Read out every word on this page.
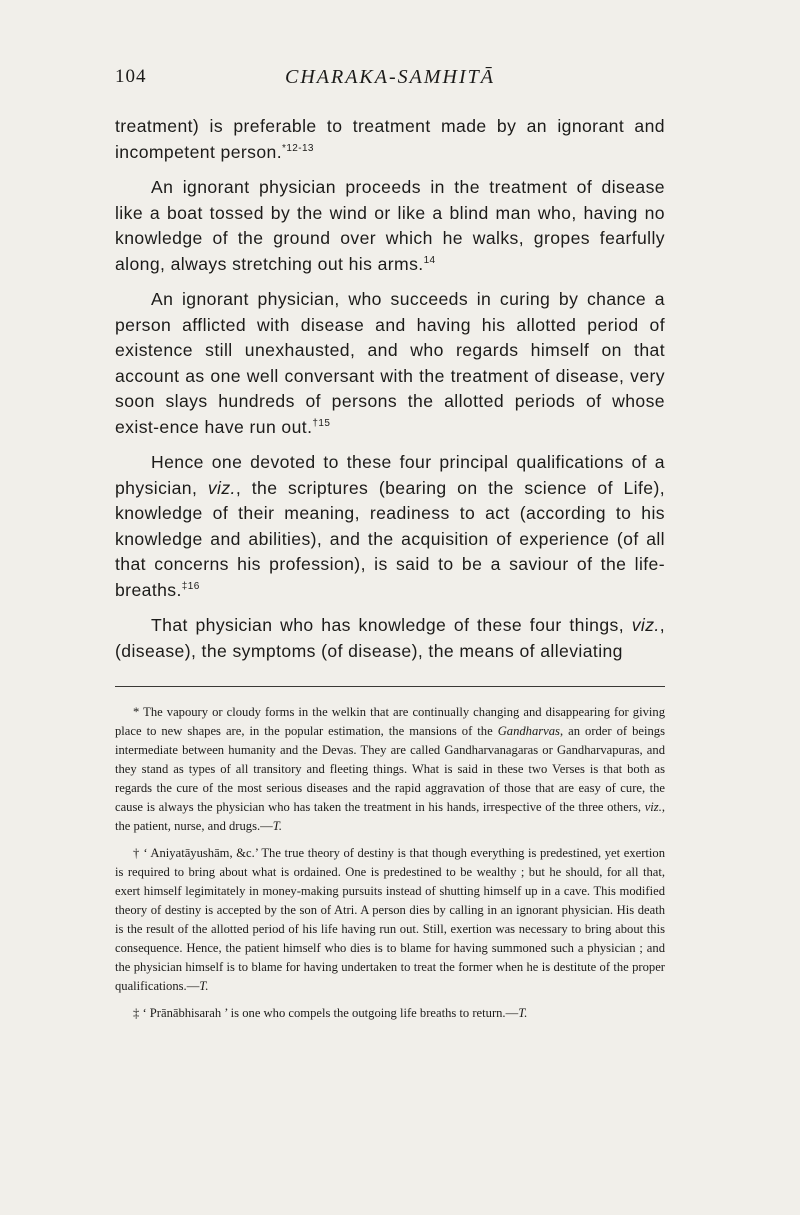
104	CHARAKA-SAMHITĀ

treatment) is preferable to treatment made by an ignorant and incompetent person.$^{*12-13}$

An ignorant physician proceeds in the treatment of disease like a boat tossed by the wind or like a blind man who, having no knowledge of the ground over which he walks, gropes fearfully along, always stretching out his arms.$^{14}$

An ignorant physician, who succeeds in curing by chance a person afflicted with disease and having his allotted period of existence still unexhausted, and who regards himself on that account as one well conversant with the treatment of disease, very soon slays hundreds of persons the allotted periods of whose exist-ence have run out.$^{\dagger 15}$

Hence one devoted to these four principal qualifications of a physician, viz., the scriptures (bearing on the science of Life), knowledge of their meaning, readiness to act (according to his knowledge and abilities), and the acquisition of experience (of all that concerns his profession), is said to be a saviour of the life-breaths.$^{\ddagger 16}$

That physician who has knowledge of these four things, viz., (disease), the symptoms (of disease), the means of alleviating

* The vapoury or cloudy forms in the welkin that are continually changing and disappearing for giving place to new shapes are, in the popular estimation, the mansions of the Gandharvas, an order of beings intermediate between humanity and the Devas. They are called Gandharvanagaras or Gandharvapuras, and they stand as types of all transitory and fleeting things. What is said in these two Verses is that both as regards the cure of the most serious diseases and the rapid aggravation of those that are easy of cure, the cause is always the physician who has taken the treatment in his hands, irrespective of the three others, viz., the patient, nurse, and drugs.—T.

† ‘ Aniyatāyushām, &c.’ The true theory of destiny is that though everything is predestined, yet exertion is required to bring about what is ordained. One is predestined to be wealthy ; but he should, for all that, exert himself legimitately in money-making pursuits instead of shutting himself up in a cave. This modified theory of destiny is accepted by the son of Atri. A person dies by calling in an ignorant physician. His death is the result of the allotted period of his life having run out. Still, exertion was necessary to bring about this consequence. Hence, the patient himself who dies is to blame for having summoned such a physician ; and the physician himself is to blame for having undertaken to treat the former when he is destitute of the proper qualifications.—T.

‡ ‘ Prānābhisarah ’ is one who compels the outgoing life breaths to return.—T.
